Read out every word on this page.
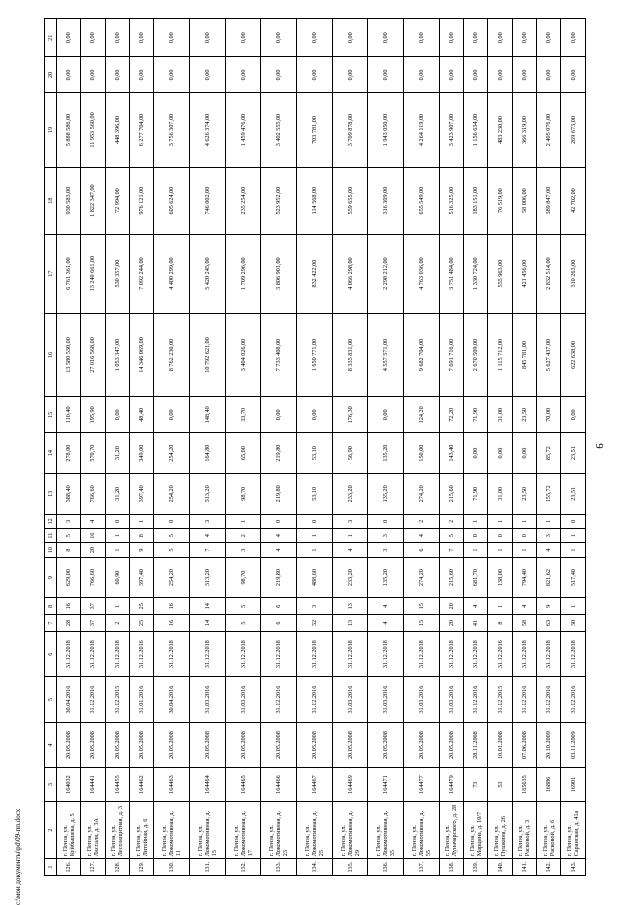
9
1	2	3	4	5	6	7	8	9	10	11	12	13	14	15	16	17	18	19	20	21
126.	г. Пенза, ул. Куйбышева, д. 5	164032	20.05.2008	30.04.2016	31.12.2018	28	16	629,00	8	5	3	388,40	278,00	110,40	13 580 530,00	6 761 361,00	930 583,00	5 888 586,00	0,00	0,00
127.	г. Пенза, ул. Лассаля, д. 3А	164441	20.05.2008	31.12.2016	31.12.2018	37	37	766,60	20	16	4	766,60	570,70	195,90	27 016 568,00	13 240 661,00	1 822 347,00	11 953 560,00	0,00	0,00
128.	г. Пенза, ул. Лесозащитная, д. 3	164455	20.05.2008	31.12.2015	31.12.2018	2	1	60,90	1	1	0	31,20	31,20	0,00	1 053 347,00	530 357,00	72 994,00	448 396,00	0,00	0,00
129.	г. Пенза, ул. Литейная, д. 6	164462	20.05.2008	31.01.2016	31.12.2016	25	25	397,40	9	8	1	397,40	349,00	48,40	14 346 069,00	7 092 244,00	976 121,00	6 277 704,00	0,00	0,00
130.	г. Пенза, ул. Локомотивная, д. 11	164463	20.05.2008	30.04.2016	31.12.2018	16	16	254,20	5	5	0	254,20	254,20	0,00	8 762 230,00	4 400 299,00	605 624,00	3 756 307,00	0,00	0,00
131.	г. Пенза, ул. Локомотивная, д. 15	164464	20.05.2008	31.03.2016	31.12.2018	14	14	313,20	7	4	3	313,20	164,80	148,40	10 792 621,00	5 420 245,00	746 002,00	4 626 374,00	0,00	0,00
132.	г. Пенза, ул. Локомотивная, д. 17	164465	20.05.2008	31.03.2016	31.12.2018	5	5	98,70	3	2	1	98,70	65,00	33,70	3 404 026,00	1 709 296,00	235 254,00	1 459 476,00	0,00	0,00
133.	г. Пенза, ул. Локомотивная, д. 23	164466	20.05.2008	31.12.2016	31.12.2018	6	6	219,80	4	4	0	219,80	219,80	0,00	7 733 408,00	3 806 901,00	523 952,00	3 402 555,00	0,00	0,00
134.	г. Пенза, ул. Локомотивная, д. 25	164467	20.05.2008	31.12.2016	31.12.2018	32	3	488,60	1	1	0	53,10	53,10	0,00	1 650 771,00	832 422,00	114 568,00	703 781,00	0,00	0,00
135.	г. Пенза, ул. Локомотивная, д. 29	164469	20.05.2008	31.03.2016	31.12.2018	13	13	233,20	4	1	3	233,20	56,90	176,30	8 335 831,00	4 066 298,00	559 655,00	3 709 878,00	0,00	0,00
136.	г. Пенза, ул. Локомотивная, д. 35	164471	20.05.2008	31.03.2016	31.12.2018	4	4	135,20	3	3	0	135,20	135,20	0,00	4 557 571,00	2 298 212,00	316 309,00	1 943 050,00	0,00	0,00
137.	г. Пенза, ул. Локомотивная, д. 55	164477	20.05.2008	31.03.2016	31.12.2018	15	15	274,20	6	4	2	274,20	150,00	124,20	9 682 704,00	4 763 036,00	655 549,00	4 264 119,00	0,00	0,00
138.	г. Пенза, ул. Луначарского, д. 28	164479	20.05.2008	31.03.2016	31.12.2018	20	20	215,60	7	5	2	215,60	143,40	72,20	7 691 716,00	3 751 484,00	516 325,00	3 423 907,00	0,00	0,00
139.	г. Пенза, ул. Марцина, д. 10/7	73	28.11.2008	31.12.2016	31.12.2018	41	4	681,70	1	0	1	71,90	0,00	71,90	2 670 509,00	1 330 724,00	183 151,00	1 156 634,00	0,00	0,00
140.	г. Пенза, ул. Пушкина, д. 26	53	10.01.2008	31.12.2015	31.12.2016	8	1	138,00	1	0	1	31,00	0,00	31,00	1 115 712,00	555 963,00	76 519,00	483 230,00	0,00	0,00
141.	г. Пенза, ул. Расковой, д. 3	165635	07.06.2008	31.12.2016	31.12.2018	58	4	794,40	1	0	1	23,50	0,00	23,50	845 781,00	421 456,00	58 006,00	366 319,00	0,00	0,00
142.	г. Пенза, ул. Расковой, д. 6	16886	20.10.2009	31.12.2016	31.12.2018	63	9	821,62	4	3	1	155,72	85,72	70,00	5 627 437,00	2 832 514,00	389 847,00	2 405 076,00	0,00	0,00
143.	г. Пенза, ул. Саранская, д. 41а	16901	03.11.2009	31.12.2016	31.12.2018	30	1	517,40	1	1	0	23,51	23,51	0,00	622 638,00	310 263,00	42 702,00	269 673,00	0,00	0,00
c:\мои документы\pd\09-пп.docx
